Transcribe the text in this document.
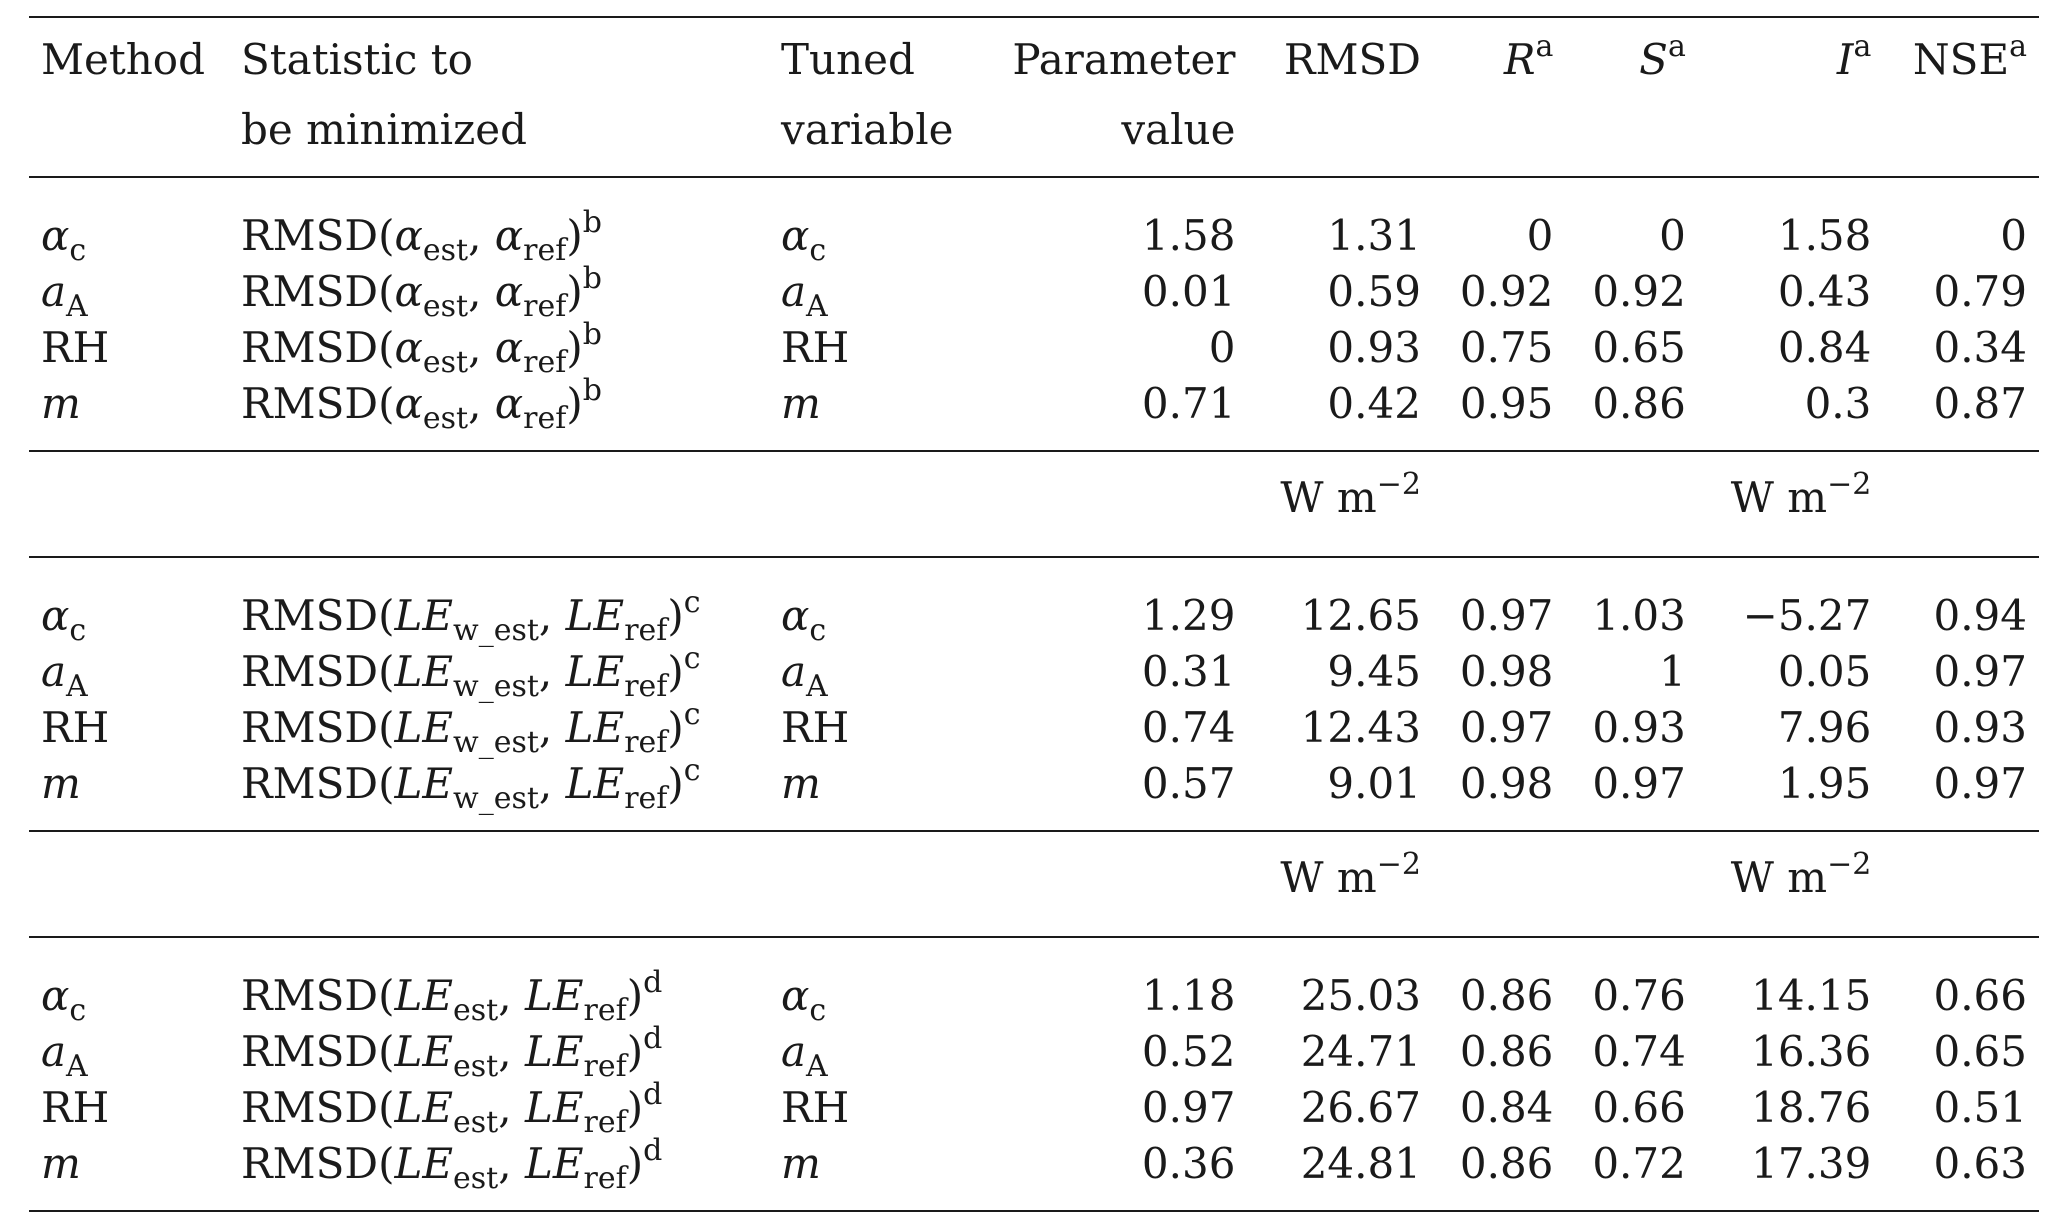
Method	Statistic to	Tuned	Parameter	RMSD	$R^a$	$S^a$	$I^a$	NSE$^a$
	be minimized	variable	value					
$\alpha_c$	$RMSD(\alpha_{est}$, $\alpha_{ref})^b$	$\alpha_c$	1.58	1.31	0	0	1.58	0
$a_A$	$RMSD(\alpha_{est}$, $\alpha_{ref})^b$	$a_A$	0.01	0.59	0.92	0.92	0.43	0.79
RH	$RMSD(\alpha_{est}$, $\alpha_{ref})^b$	RH	0	0.93	0.75	0.65	0.84	0.34
m	$RMSD(\alpha_{est}$, $\alpha_{ref})^b$	m	0.71	0.42	0.95	0.86	0.3	0.87
				W $m^{-2}$			W $m^{-2}$	
$\alpha_c$	$RMSD(LE_{w\_est}$, $LE_{ref})^c$	$\alpha_c$	1.29	12.65	0.97	1.03	−5.27	0.94
$a_A$	$RMSD(LE_{w\_est}$, $LE_{ref})^c$	$a_A$	0.31	9.45	0.98	1	0.05	0.97
RH	$RMSD(LE_{w\_est}$, $LE_{ref})^c$	RH	0.74	12.43	0.97	0.93	7.96	0.93
m	$RMSD(LE_{w\_est}$, $LE_{ref})^c$	m	0.57	9.01	0.98	0.97	1.95	0.97
				W $m^{-2}$			W $m^{-2}$	
$\alpha_c$	$RMSD(LE_{est}$, $LE_{ref})^d$	$\alpha_c$	1.18	25.03	0.86	0.76	14.15	0.66
$a_A$	$RMSD(LE_{est}$, $LE_{ref})^d$	$a_A$	0.52	24.71	0.86	0.74	16.36	0.65
RH	$RMSD(LE_{est}$, $LE_{ref})^d$	RH	0.97	26.67	0.84	0.66	18.76	0.51
m	$RMSD(LE_{est}$, $LE_{ref})^d$	m	0.36	24.81	0.86	0.72	17.39	0.63
